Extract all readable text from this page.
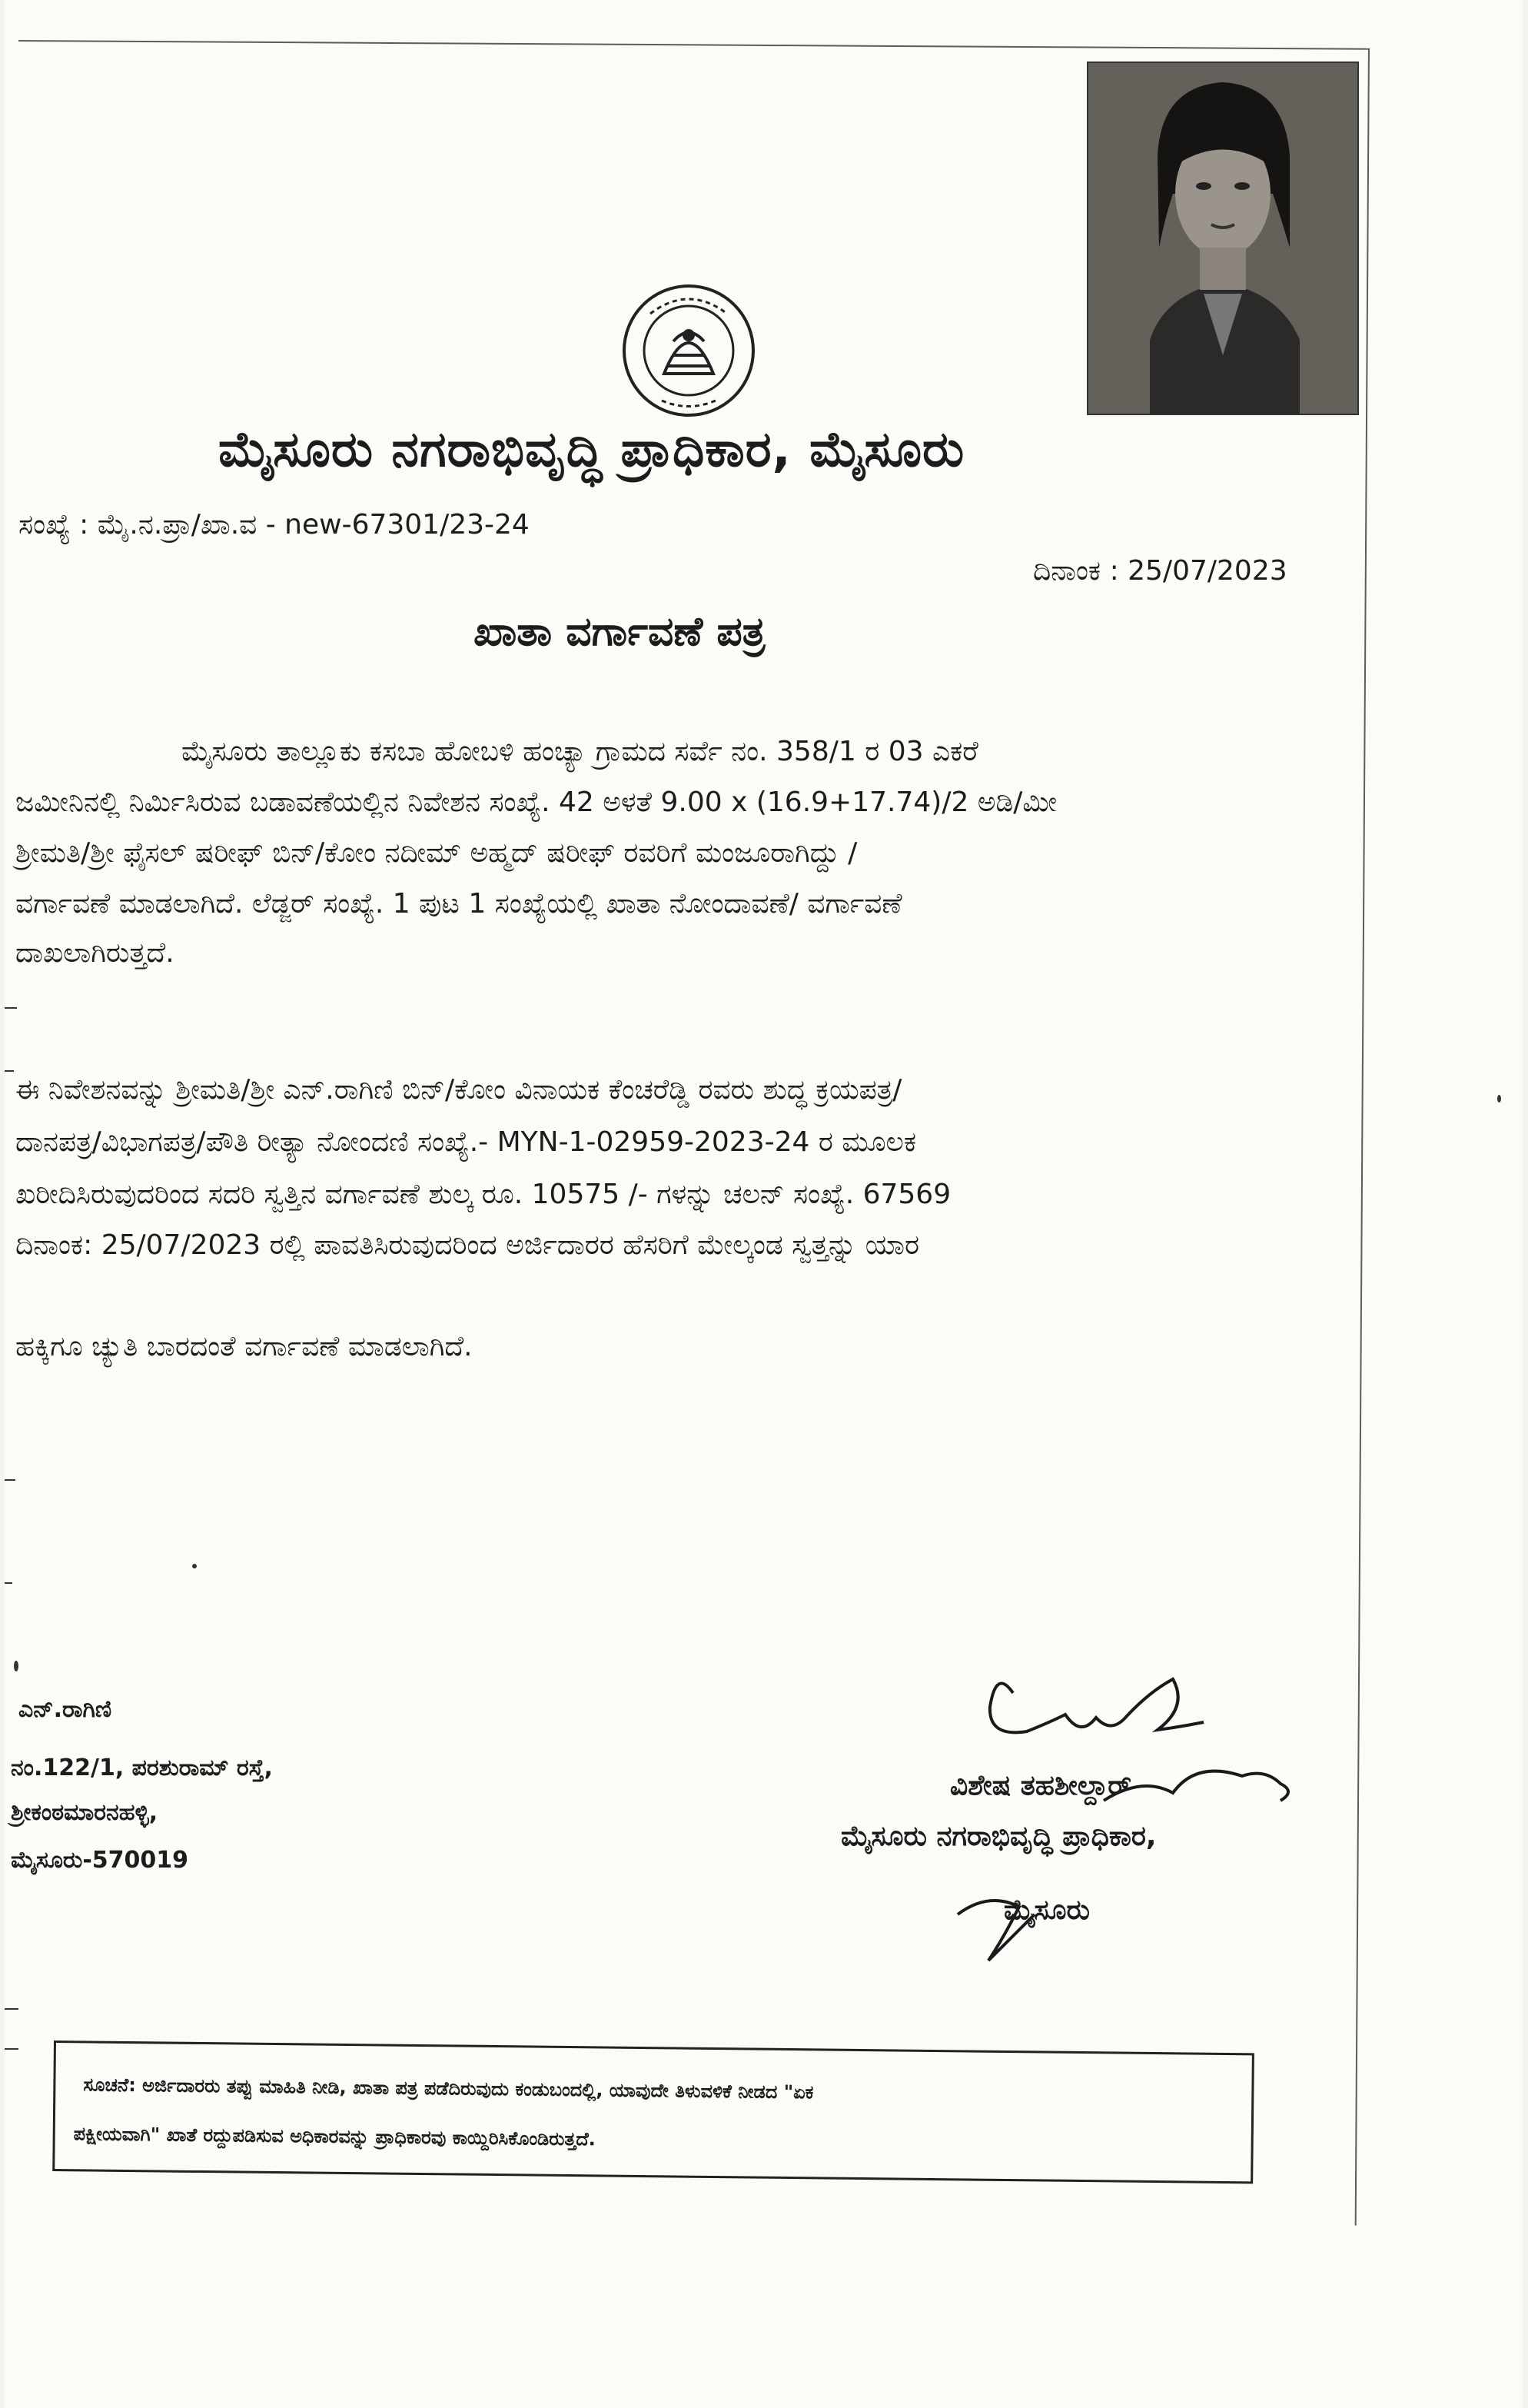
ಮೈಸೂರು ನಗರಾಭಿವೃದ್ಧಿ ಪ್ರಾಧಿಕಾರ, ಮೈಸೂರು
ಸಂಖ್ಯೆ : ಮೈ.ನ.ಪ್ರಾ/ಖಾ.ವ - new-67301/23-24
ದಿನಾಂಕ : 25/07/2023
ಖಾತಾ ವರ್ಗಾವಣೆ ಪತ್ರ
ಮೈಸೂರು ತಾಲ್ಲೂಕು ಕಸಬಾ ಹೋಬಳಿ ಹಂಚ್ಯಾ ಗ್ರಾಮದ ಸರ್ವೆ ನಂ. 358/1 ರ 03 ಎಕರೆ
ಜಮೀನಿನಲ್ಲಿ ನಿರ್ಮಿಸಿರುವ ಬಡಾವಣೆಯಲ್ಲಿನ ನಿವೇಶನ ಸಂಖ್ಯೆ. 42 ಅಳತೆ 9.00 x (16.9+17.74)/2 ಅಡಿ/ಮೀ
ಶ್ರೀಮತಿ/ಶ್ರೀ ಫೈಸಲ್ ಷರೀಫ್ ಬಿನ್/ಕೋಂ ನದೀಮ್ ಅಹ್ಮದ್ ಷರೀಫ್ ರವರಿಗೆ ಮಂಜೂರಾಗಿದ್ದು /
ವರ್ಗಾವಣೆ ಮಾಡಲಾಗಿದೆ. ಲೆಡ್ಜರ್ ಸಂಖ್ಯೆ. 1 ಪುಟ 1 ಸಂಖ್ಯೆಯಲ್ಲಿ ಖಾತಾ ನೋಂದಾವಣೆ/ ವರ್ಗಾವಣೆ
ದಾಖಲಾಗಿರುತ್ತದೆ.
ಈ ನಿವೇಶನವನ್ನು ಶ್ರೀಮತಿ/ಶ್ರೀ ಎನ್.ರಾಗಿಣಿ ಬಿನ್/ಕೋಂ ವಿನಾಯಕ ಕೆಂಚರೆಡ್ಡಿ ರವರು ಶುದ್ಧ ಕ್ರಯಪತ್ರ/
ದಾನಪತ್ರ/ವಿಭಾಗಪತ್ರ/ಪೌತಿ ರೀತ್ಯಾ ನೋಂದಣಿ ಸಂಖ್ಯೆ.- MYN-1-02959-2023-24 ರ ಮೂಲಕ
ಖರೀದಿಸಿರುವುದರಿಂದ ಸದರಿ ಸ್ವತ್ತಿನ ವರ್ಗಾವಣೆ ಶುಲ್ಕ ರೂ. 10575 /- ಗಳನ್ನು ಚಲನ್ ಸಂಖ್ಯೆ. 67569
ದಿನಾಂಕ: 25/07/2023 ರಲ್ಲಿ ಪಾವತಿಸಿರುವುದರಿಂದ ಅರ್ಜಿದಾರರ ಹೆಸರಿಗೆ ಮೇಲ್ಕಂಡ ಸ್ವತ್ತನ್ನು ಯಾರ
ಹಕ್ಕಿಗೂ ಚ್ಯುತಿ ಬಾರದಂತೆ ವರ್ಗಾವಣೆ ಮಾಡಲಾಗಿದೆ.
ಎನ್.ರಾಗಿಣಿ
ನಂ.122/1, ಪರಶುರಾಮ್ ರಸ್ತೆ,
ಶ್ರೀಕಂಠಮಾರನಹಳ್ಳಿ,
ಮೈಸೂರು-570019
ವಿಶೇಷ ತಹಶೀಲ್ದಾರ್
ಮೈಸೂರು ನಗರಾಭಿವೃದ್ಧಿ ಪ್ರಾಧಿಕಾರ,
ಮೈಸೂರು
ಸೂಚನೆ: ಅರ್ಜಿದಾರರು ತಪ್ಪು ಮಾಹಿತಿ ನೀಡಿ, ಖಾತಾ ಪತ್ರ ಪಡೆದಿರುವುದು ಕಂಡುಬಂದಲ್ಲಿ, ಯಾವುದೇ ತಿಳುವಳಿಕೆ ನೀಡದ "ಏಕ
ಪಕ್ಷೀಯವಾಗಿ" ಖಾತೆ ರದ್ದುಪಡಿಸುವ ಅಧಿಕಾರವನ್ನು ಪ್ರಾಧಿಕಾರವು ಕಾಯ್ದಿರಿಸಿಕೊಂಡಿರುತ್ತದೆ.
